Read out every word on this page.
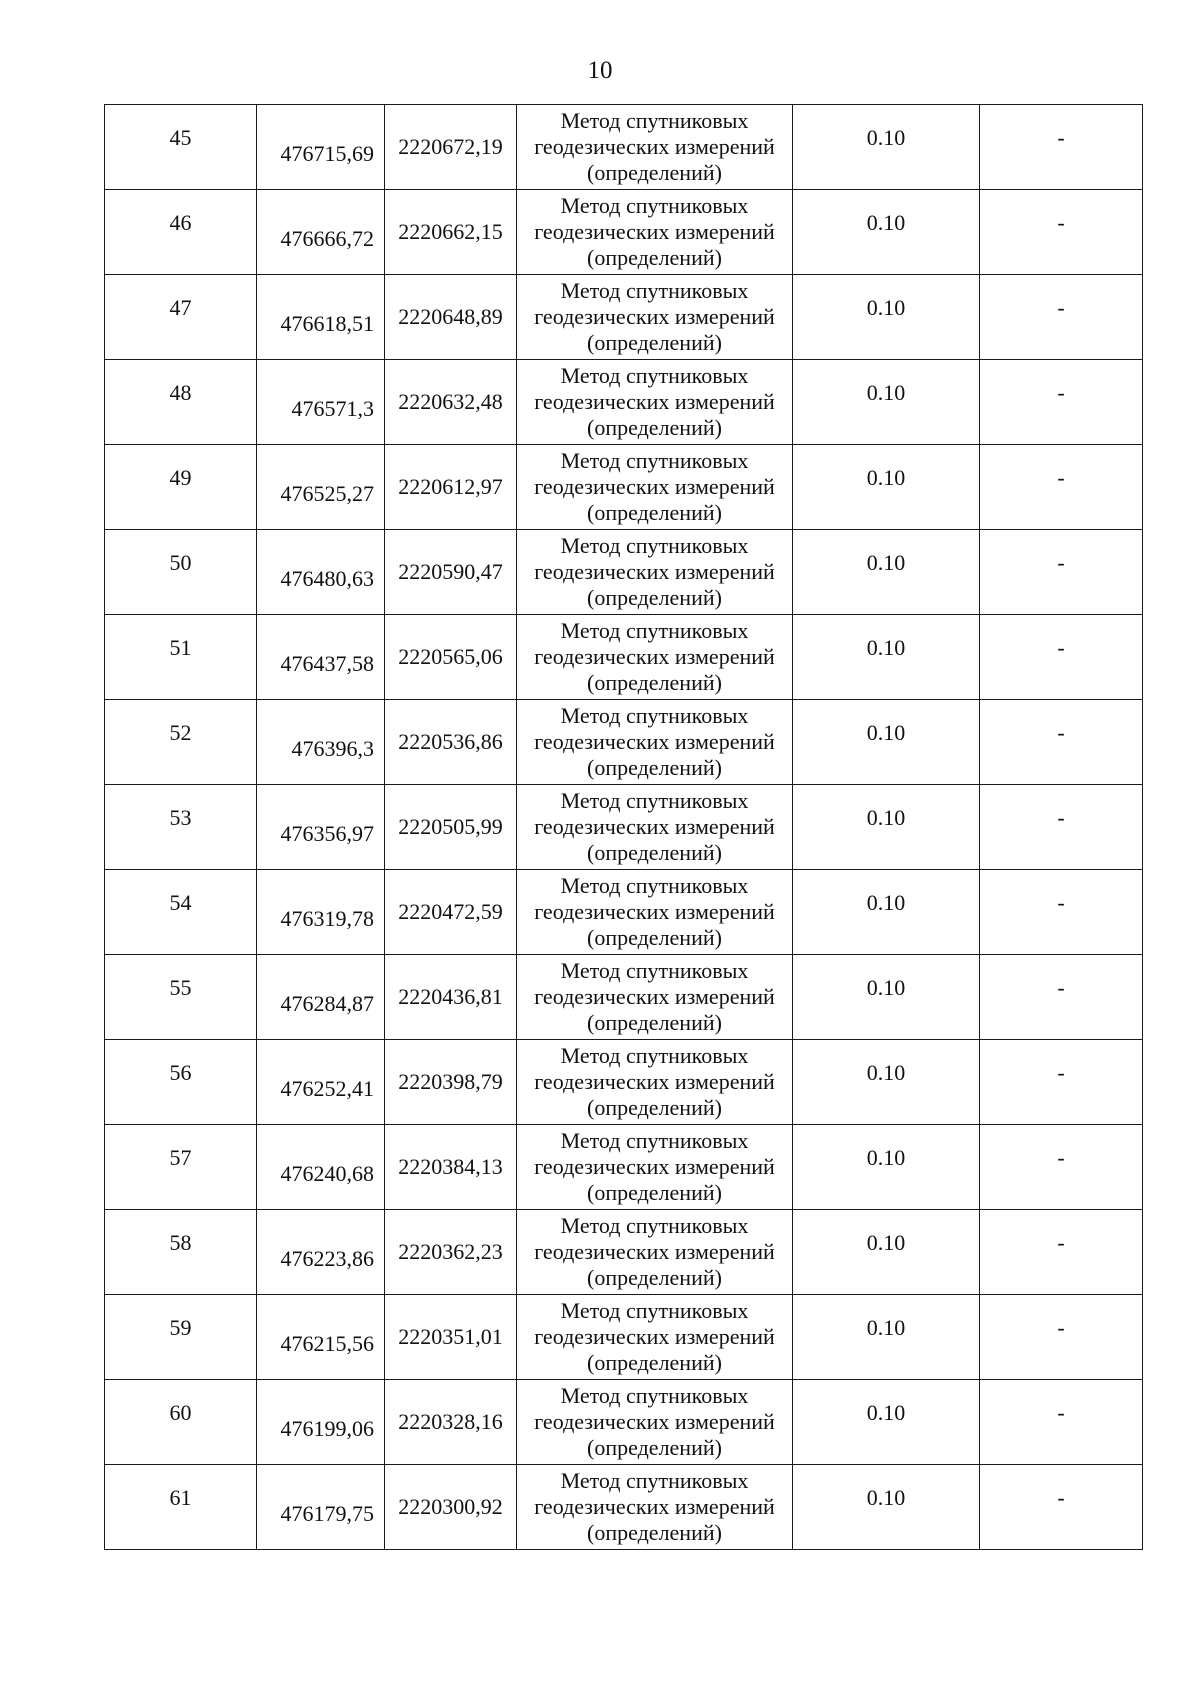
10
45	476715,69	2220672,19	Метод спутниковых
геодезических измерений
(определений)	0.10	-
46	476666,72	2220662,15	Метод спутниковых
геодезических измерений
(определений)	0.10	-
47	476618,51	2220648,89	Метод спутниковых
геодезических измерений
(определений)	0.10	-
48	476571,3	2220632,48	Метод спутниковых
геодезических измерений
(определений)	0.10	-
49	476525,27	2220612,97	Метод спутниковых
геодезических измерений
(определений)	0.10	-
50	476480,63	2220590,47	Метод спутниковых
геодезических измерений
(определений)	0.10	-
51	476437,58	2220565,06	Метод спутниковых
геодезических измерений
(определений)	0.10	-
52	476396,3	2220536,86	Метод спутниковых
геодезических измерений
(определений)	0.10	-
53	476356,97	2220505,99	Метод спутниковых
геодезических измерений
(определений)	0.10	-
54	476319,78	2220472,59	Метод спутниковых
геодезических измерений
(определений)	0.10	-
55	476284,87	2220436,81	Метод спутниковых
геодезических измерений
(определений)	0.10	-
56	476252,41	2220398,79	Метод спутниковых
геодезических измерений
(определений)	0.10	-
57	476240,68	2220384,13	Метод спутниковых
геодезических измерений
(определений)	0.10	-
58	476223,86	2220362,23	Метод спутниковых
геодезических измерений
(определений)	0.10	-
59	476215,56	2220351,01	Метод спутниковых
геодезических измерений
(определений)	0.10	-
60	476199,06	2220328,16	Метод спутниковых
геодезических измерений
(определений)	0.10	-
61	476179,75	2220300,92	Метод спутниковых
геодезических измерений
(определений)	0.10	-
